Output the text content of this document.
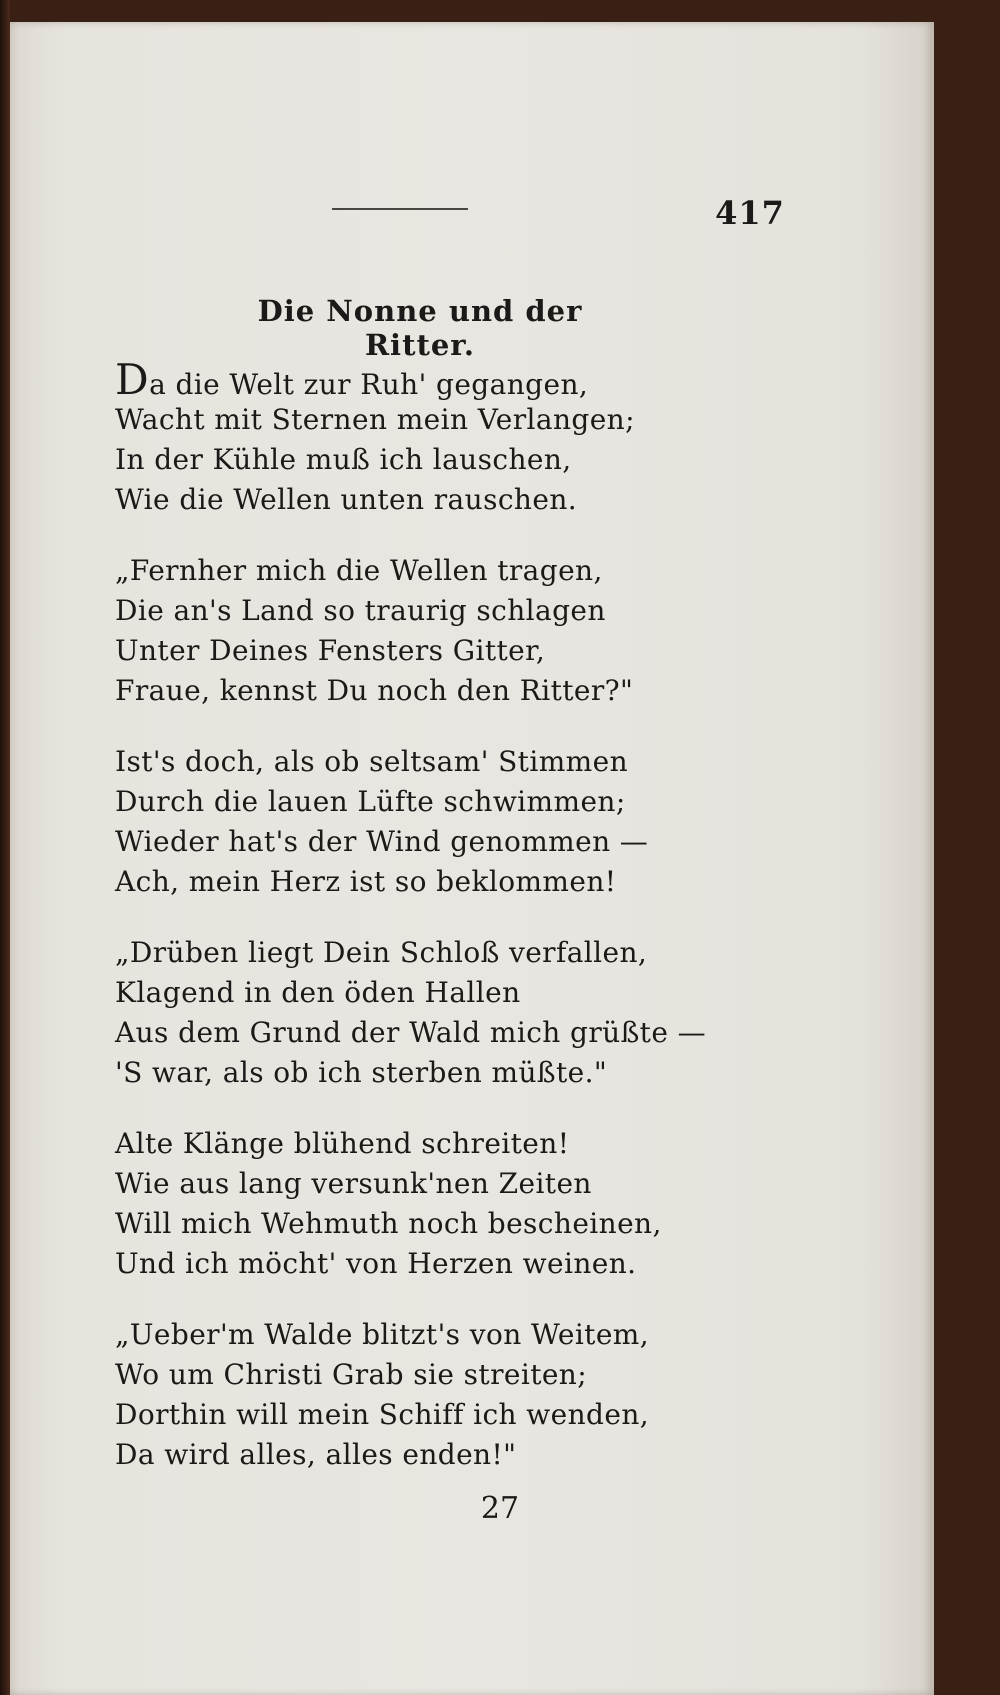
417
Die Nonne und der Ritter.
Da die Welt zur Ruh' gegangen,
Wacht mit Sternen mein Verlangen;
In der Kühle muß ich lauschen,
Wie die Wellen unten rauschen.
„Fernher mich die Wellen tragen,
Die an's Land so traurig schlagen
Unter Deines Fensters Gitter,
Fraue, kennst Du noch den Ritter?"
Ist's doch, als ob seltsam' Stimmen
Durch die lauen Lüfte schwimmen;
Wieder hat's der Wind genommen —
Ach, mein Herz ist so beklommen!
„Drüben liegt Dein Schloß verfallen,
Klagend in den öden Hallen
Aus dem Grund der Wald mich grüßte —
'S war, als ob ich sterben müßte."
Alte Klänge blühend schreiten!
Wie aus lang versunk'nen Zeiten
Will mich Wehmuth noch bescheinen,
Und ich möcht' von Herzen weinen.
„Ueber'm Walde blitzt's von Weitem,
Wo um Christi Grab sie streiten;
Dorthin will mein Schiff ich wenden,
Da wird alles, alles enden!"
27
